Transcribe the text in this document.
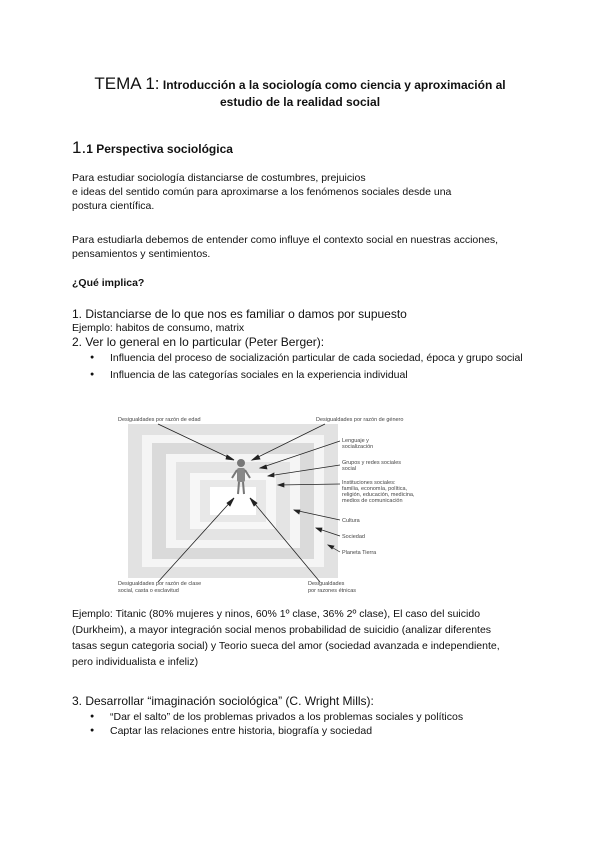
TEMA 1: Introducción a la sociología como ciencia y aproximación al
estudio de la realidad social
1.1 Perspectiva sociológica
Para estudiar sociología distanciarse de costumbres, prejuicios
e ideas del sentido común para aproximarse a los fenómenos sociales desde una
postura científica.
Para estudiarla debemos de entender como influye el contexto social en nuestras acciones,
pensamientos y sentimientos.
¿Qué implica?
1. Distanciarse de lo que nos es familiar o damos por supuesto
Ejemplo: habitos de consumo, matrix
2. Ver lo general en lo particular (Peter Berger):
● Influencia del proceso de socialización particular de cada sociedad, época y grupo social
● Influencia de las categorías sociales en la experiencia individual
Desigualdades por razón de edad	Desigualdades por razón de género
Desigualdades por razón de clase
social, casta o esclavitud
Desigualdades
por razones étnicas
Lenguaje y
socialización
Grupos y redes sociales
social
Instituciones sociales:
familia, economía, política,
religión, educación, medicina,
medios de comunicación
Cultura
Sociedad
Planeta Tierra
Ejemplo: Titanic (80% mujeres y ninos, 60% 1º clase, 36% 2º clase), El caso del suicido
(Durkheim), a mayor integración social menos probabilidad de suicidio (analizar diferentes
tasas segun categoria social) y Teorio sueca del amor (sociedad avanzada e independiente,
pero individualista e infeliz)
3. Desarrollar “imaginación sociológica” (C. Wright Mills):
● “Dar el salto” de los problemas privados a los problemas sociales y políticos
● Captar las relaciones entre historia, biografía y sociedad
